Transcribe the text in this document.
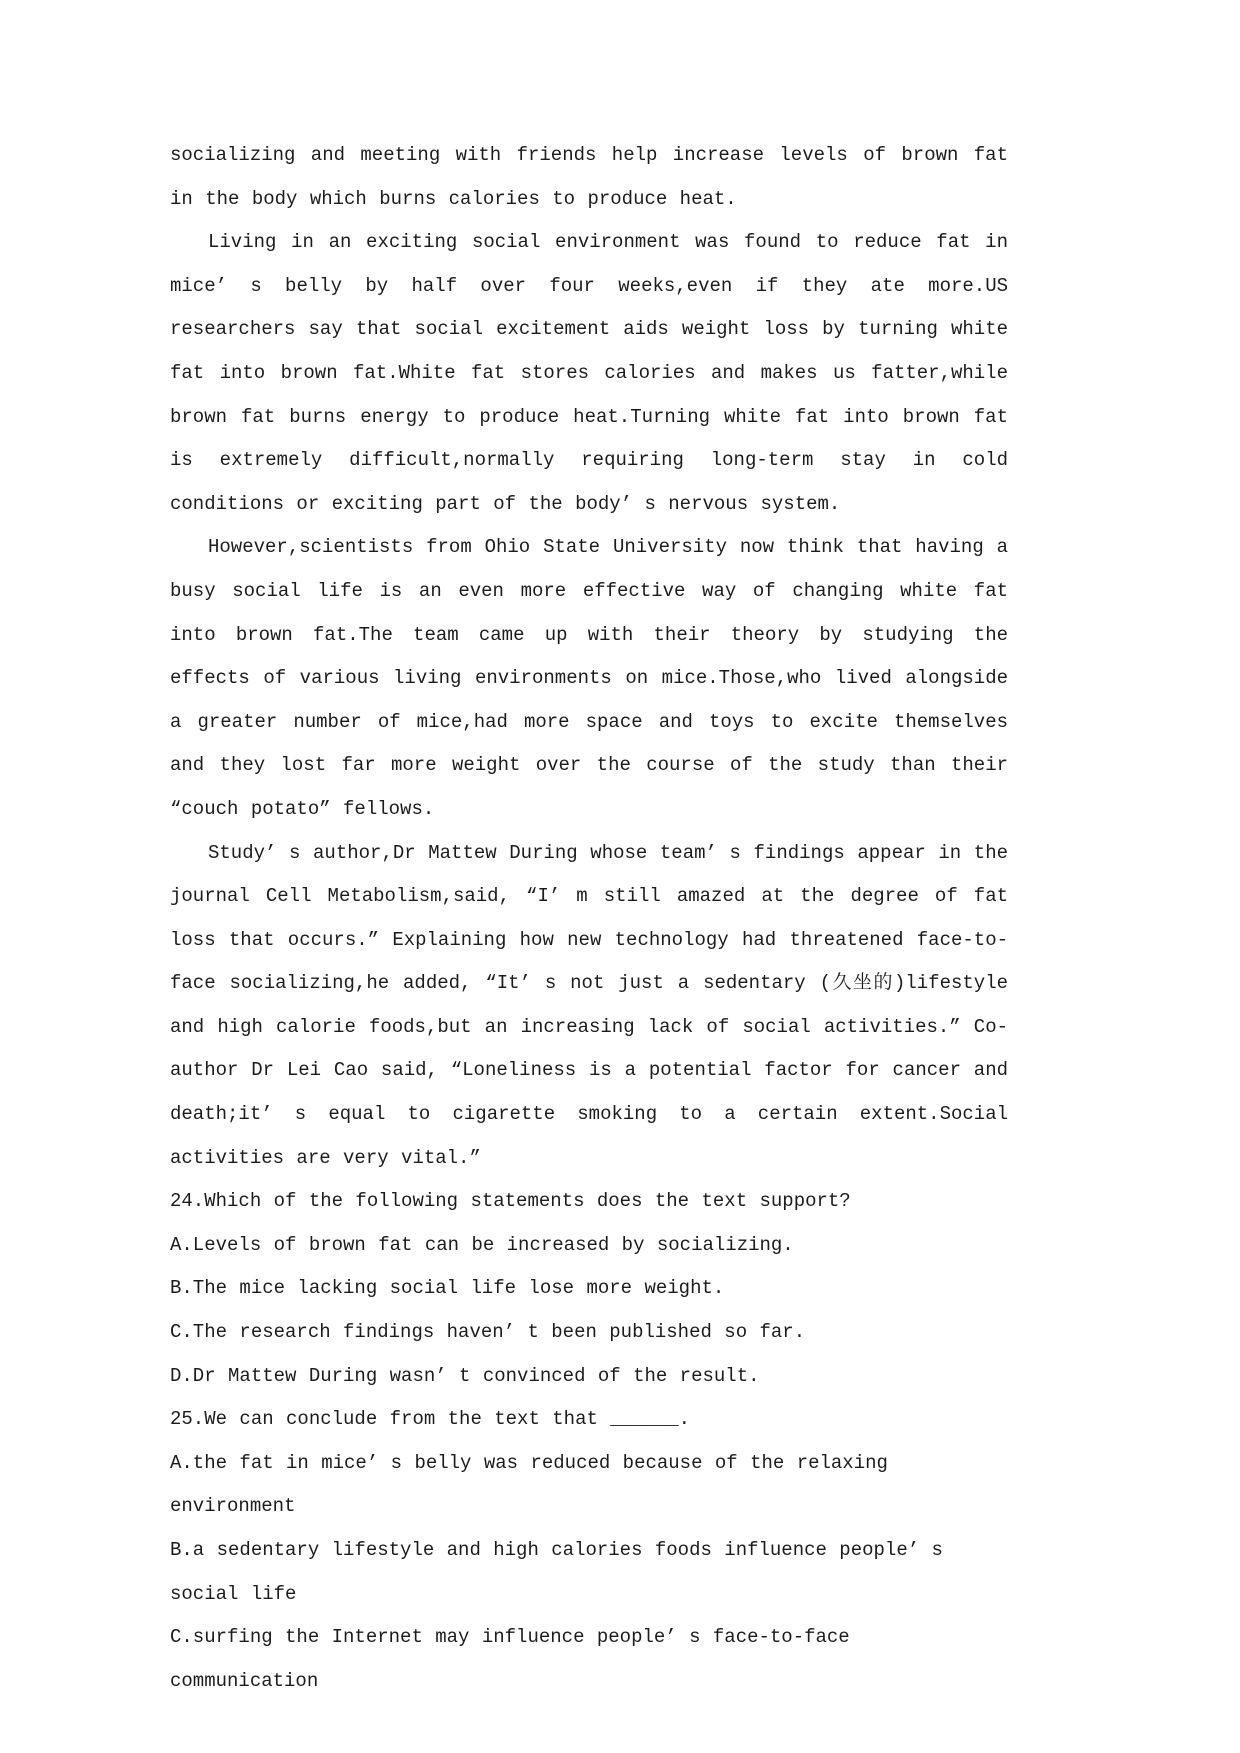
socializing and meeting with friends help increase levels of brown fat in the body which burns calories to produce heat.

Living in an exciting social environment was found to reduce fat in mice’ s belly by half over four weeks,even if they ate more.US researchers say that social excitement aids weight loss by turning white fat into brown fat.White fat stores calories and makes us fatter,while brown fat burns energy to produce heat.Turning white fat into brown fat is extremely difficult,normally requiring long-term stay in cold conditions or exciting part of the body’ s nervous system.

However,scientists from Ohio State University now think that having a busy social life is an even more effective way of changing white fat into brown fat.The team came up with their theory by studying the effects of various living environments on mice.Those,who lived alongside a greater number of mice,had more space and toys to excite themselves and they lost far more weight over the course of the study than their “couch potato” fellows.

Study’ s author,Dr Mattew During whose team’ s findings appear in the journal Cell Metabolism,said, “I’ m still amazed at the degree of fat loss that occurs.” Explaining how new technology had threatened face-to-face socializing,he added, “It’ s not just a sedentary (久坐的)lifestyle and high calorie foods,but an increasing lack of social activities.” Co-author Dr Lei Cao said, “Loneliness is a potential factor for cancer and death;it’ s equal to cigarette smoking to a certain extent.Social activities are very vital.”

24.Which of the following statements does the text support?

A.Levels of brown fat can be increased by socializing.

B.The mice lacking social life lose more weight.

C.The research findings haven’ t been published so far.

D.Dr Mattew During wasn’ t convinced of the result.

25.We can conclude from the text that ______.

A.the fat in mice’ s belly was reduced because of the relaxing environment

B.a sedentary lifestyle and high calories foods influence people’ s social life

C.surfing the Internet may influence people’ s face-to-face communication
